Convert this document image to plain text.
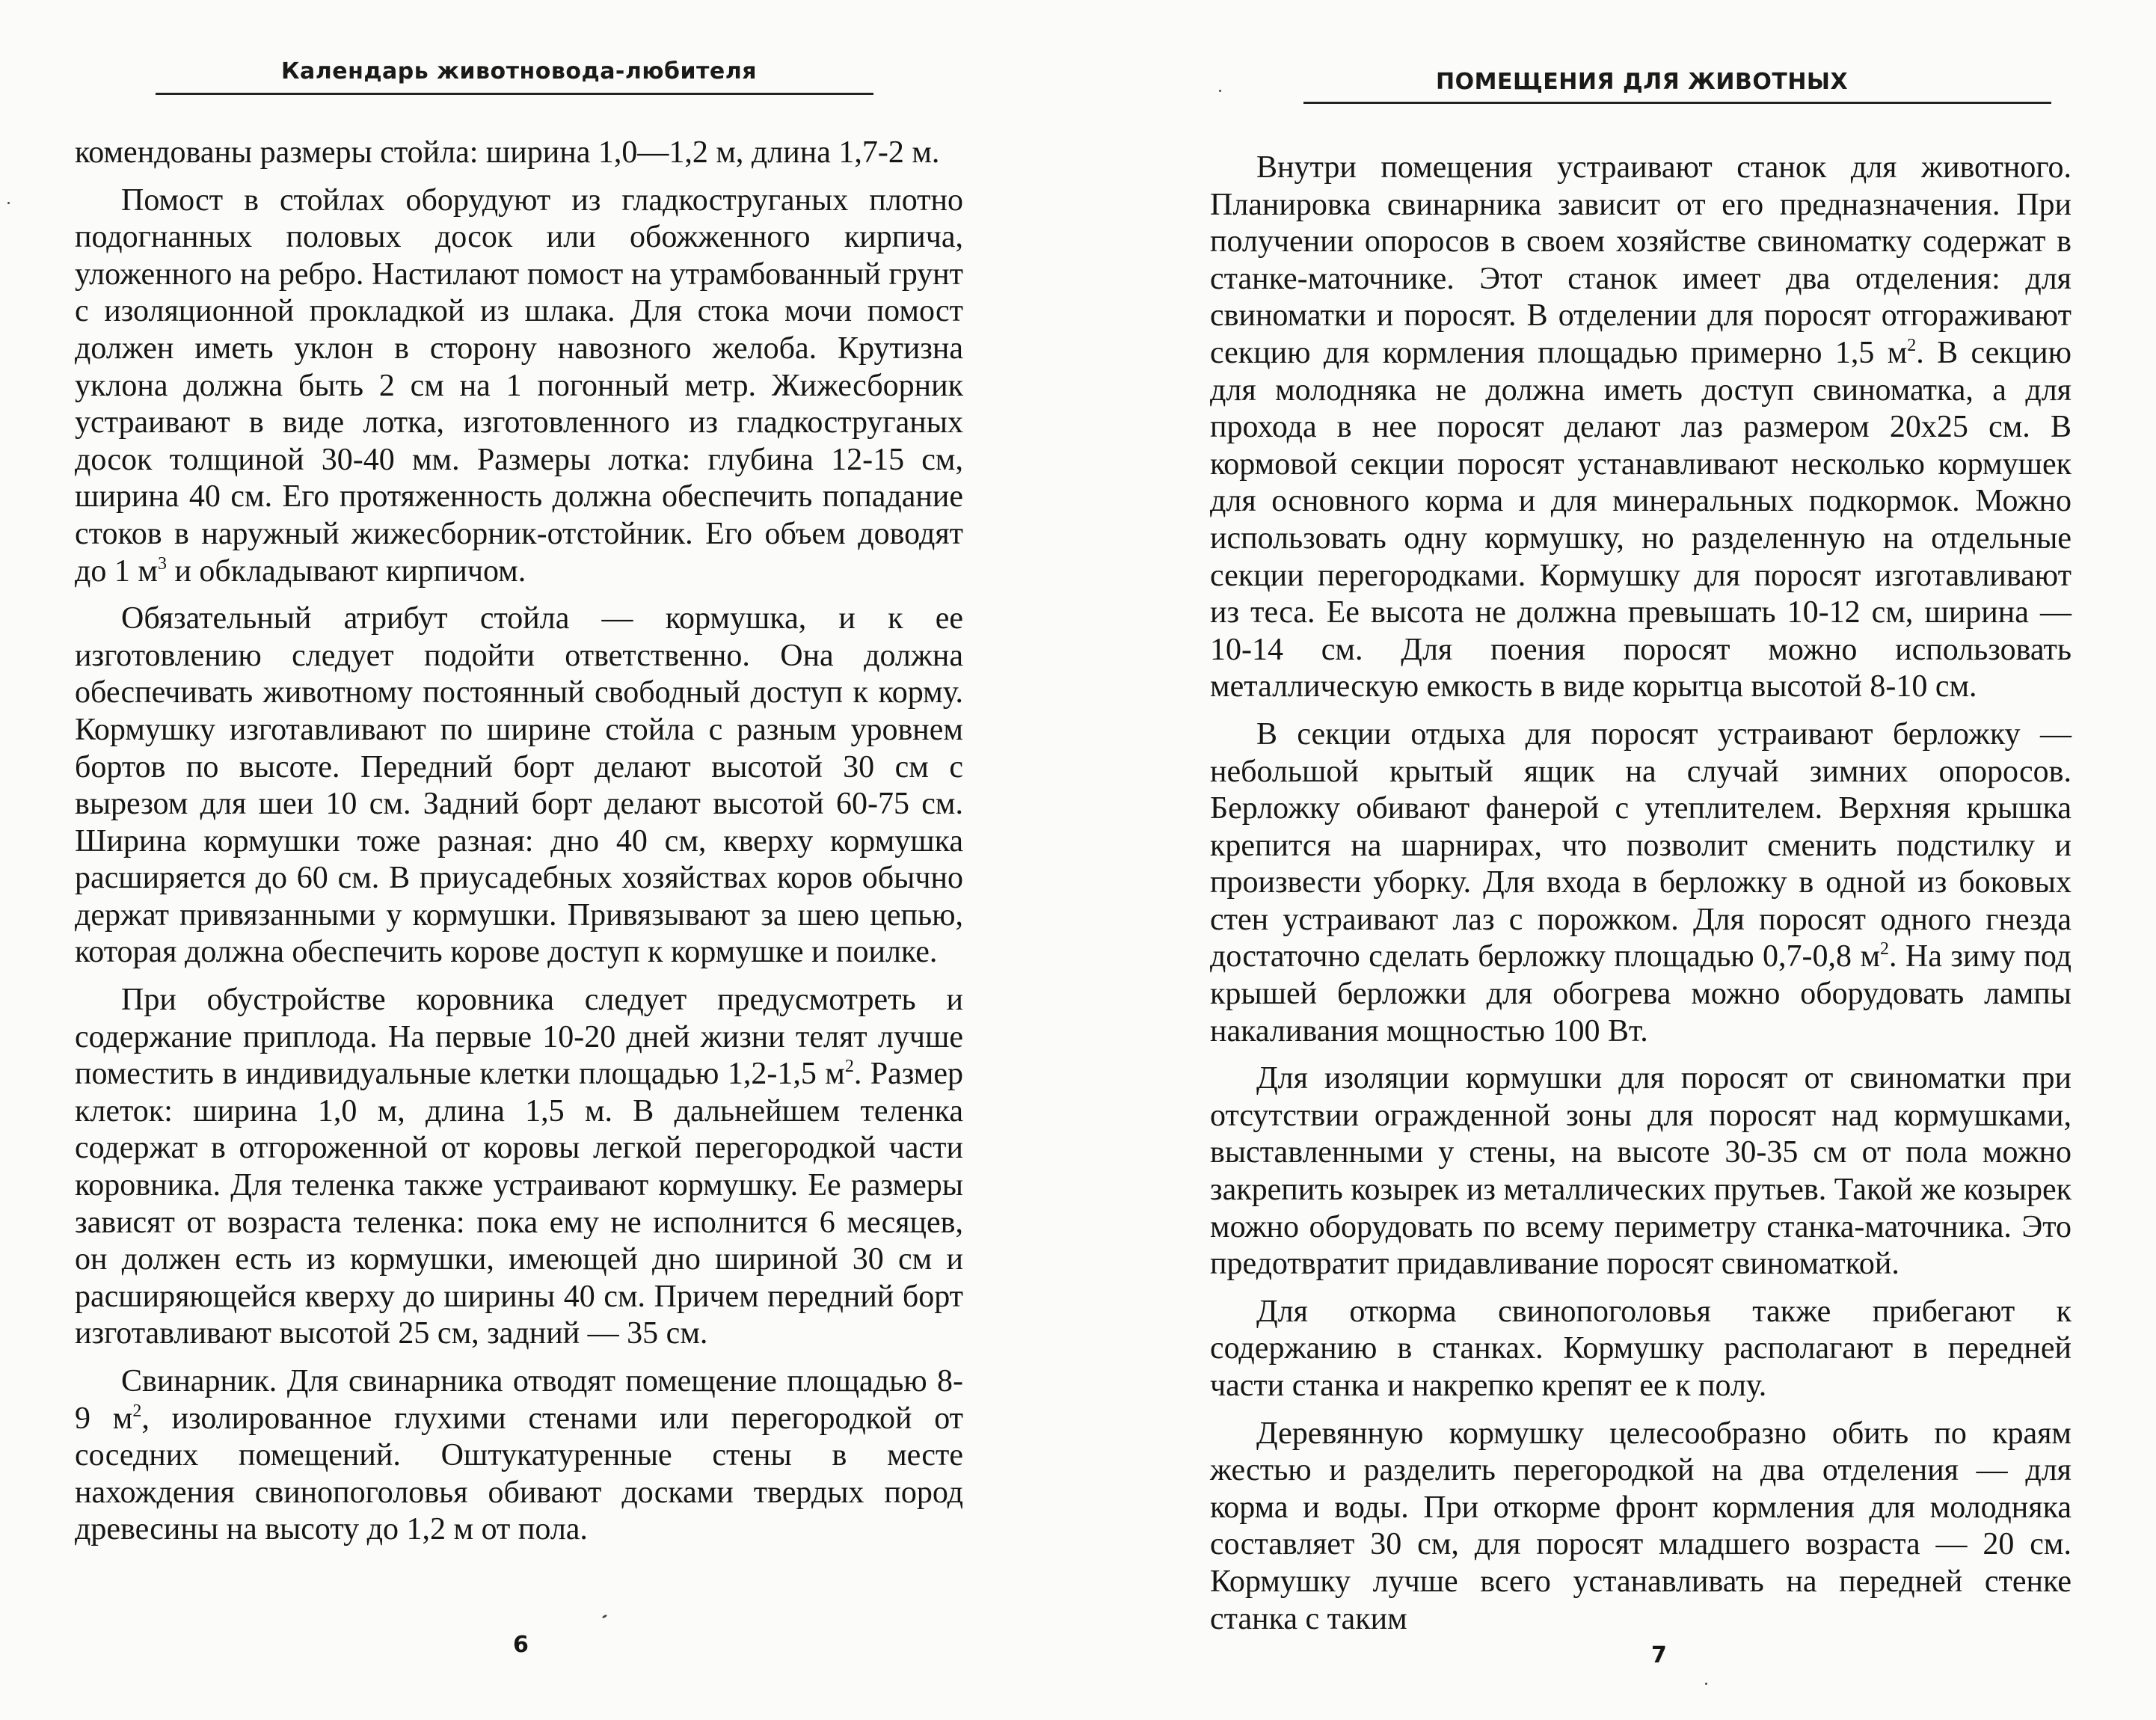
Календарь животновода-любителя

комендованы размеры стойла: ширина 1,0—1,2 м, длина 1,7-2 м.

Помост в стойлах оборудуют из гладкоструганых плотно подогнанных половых досок или обожженного кирпича, уложенного на ребро. Настилают помост на утрамбованный грунт с изоляционной прокладкой из шлака. Для стока мочи помост должен иметь уклон в сторону навозного желоба. Крутизна уклона должна быть 2 см на 1 погонный метр. Жижесборник устраивают в виде лотка, изготовленного из гладкоструганых досок толщиной 30-40 мм. Размеры лотка: глубина 12-15 см, ширина 40 см. Его протяженность должна обеспечить попадание стоков в наружный жижесборник-отстойник. Его объем доводят до 1 $м^3$ и обкладывают кирпичом.

Обязательный атрибут стойла — кормушка, и к ее изготовлению следует подойти ответственно. Она должна обеспечивать животному постоянный свободный доступ к корму. Кормушку изготавливают по ширине стойла с разным уровнем бортов по высоте. Передний борт делают высотой 30 см с вырезом для шеи 10 см. Задний борт делают высотой 60-75 см. Ширина кормушки тоже разная: дно 40 см, кверху кормушка расширяется до 60 см. В приусадебных хозяйствах коров обычно держат привязанными у кормушки. Привязывают за шею цепью, которая должна обеспечить корове доступ к кормушке и поилке.

При обустройстве коровника следует предусмотреть и содержание приплода. На первые 10-20 дней жизни телят лучше поместить в индивидуальные клетки площадью 1,2-1,5 $м^2$. Размер клеток: ширина 1,0 м, длина 1,5 м. В дальнейшем теленка содержат в отгороженной от коровы легкой перегородкой части коровника. Для теленка также устраивают кормушку. Ее размеры зависят от возраста теленка: пока ему не исполнится 6 месяцев, он должен есть из кормушки, имеющей дно шириной 30 см и расширяющейся кверху до ширины 40 см. Причем передний борт изготавливают высотой 25 см, задний — 35 см.

Свинарник. Для свинарника отводят помещение площадью 8-9 $м^2$, изолированное глухими стенами или перегородкой от соседних помещений. Оштукатуренные стены в месте нахождения свинопоголовья обивают досками твердых пород древесины на высоту до 1,2 м от пола.

6
ПОМЕЩЕНИЯ ДЛЯ ЖИВОТНЫХ

Внутри помещения устраивают станок для животного. Планировка свинарника зависит от его предназначения. При получении опоросов в своем хозяйстве свиноматку содержат в станке-маточнике. Этот станок имеет два отделения: для свиноматки и поросят. В отделении для поросят отгораживают секцию для кормления площадью примерно 1,5 $м^2$. В секцию для молодняка не должна иметь доступ свиноматка, а для прохода в нее поросят делают лаз размером 20х25 см. В кормовой секции поросят устанавливают несколько кормушек для основного корма и для минеральных подкормок. Можно использовать одну кормушку, но разделенную на отдельные секции перегородками. Кормушку для поросят изготавливают из теса. Ее высота не должна превышать 10-12 см, ширина — 10-14 см. Для поения поросят можно использовать металлическую емкость в виде корытца высотой 8-10 см.

В секции отдыха для поросят устраивают берложку — небольшой крытый ящик на случай зимних опоросов. Берложку обивают фанерой с утеплителем. Верхняя крышка крепится на шарнирах, что позволит сменить подстилку и произвести уборку. Для входа в берложку в одной из боковых стен устраивают лаз с порожком. Для поросят одного гнезда достаточно сделать берложку площадью 0,7-0,8 $м^2$. На зиму под крышей берложки для обогрева можно оборудовать лампы накаливания мощностью 100 Вт.

Для изоляции кормушки для поросят от свиноматки при отсутствии огражденной зоны для поросят над кормушками, выставленными у стены, на высоте 30-35 см от пола можно закрепить козырек из металлических прутьев. Такой же козырек можно оборудовать по всему периметру станка-маточника. Это предотвратит придавливание поросят свиноматкой.

Для откорма свинопоголовья также прибегают к содержанию в станках. Кормушку располагают в передней части станка и накрепко крепят ее к полу.

Деревянную кормушку целесообразно обить по краям жестью и разделить перегородкой на два отделения — для корма и воды. При откорме фронт кормления для молодняка составляет 30 см, для поросят младшего возраста — 20 см. Кормушку лучше всего устанавливать на передней стенке станка с таким

7
